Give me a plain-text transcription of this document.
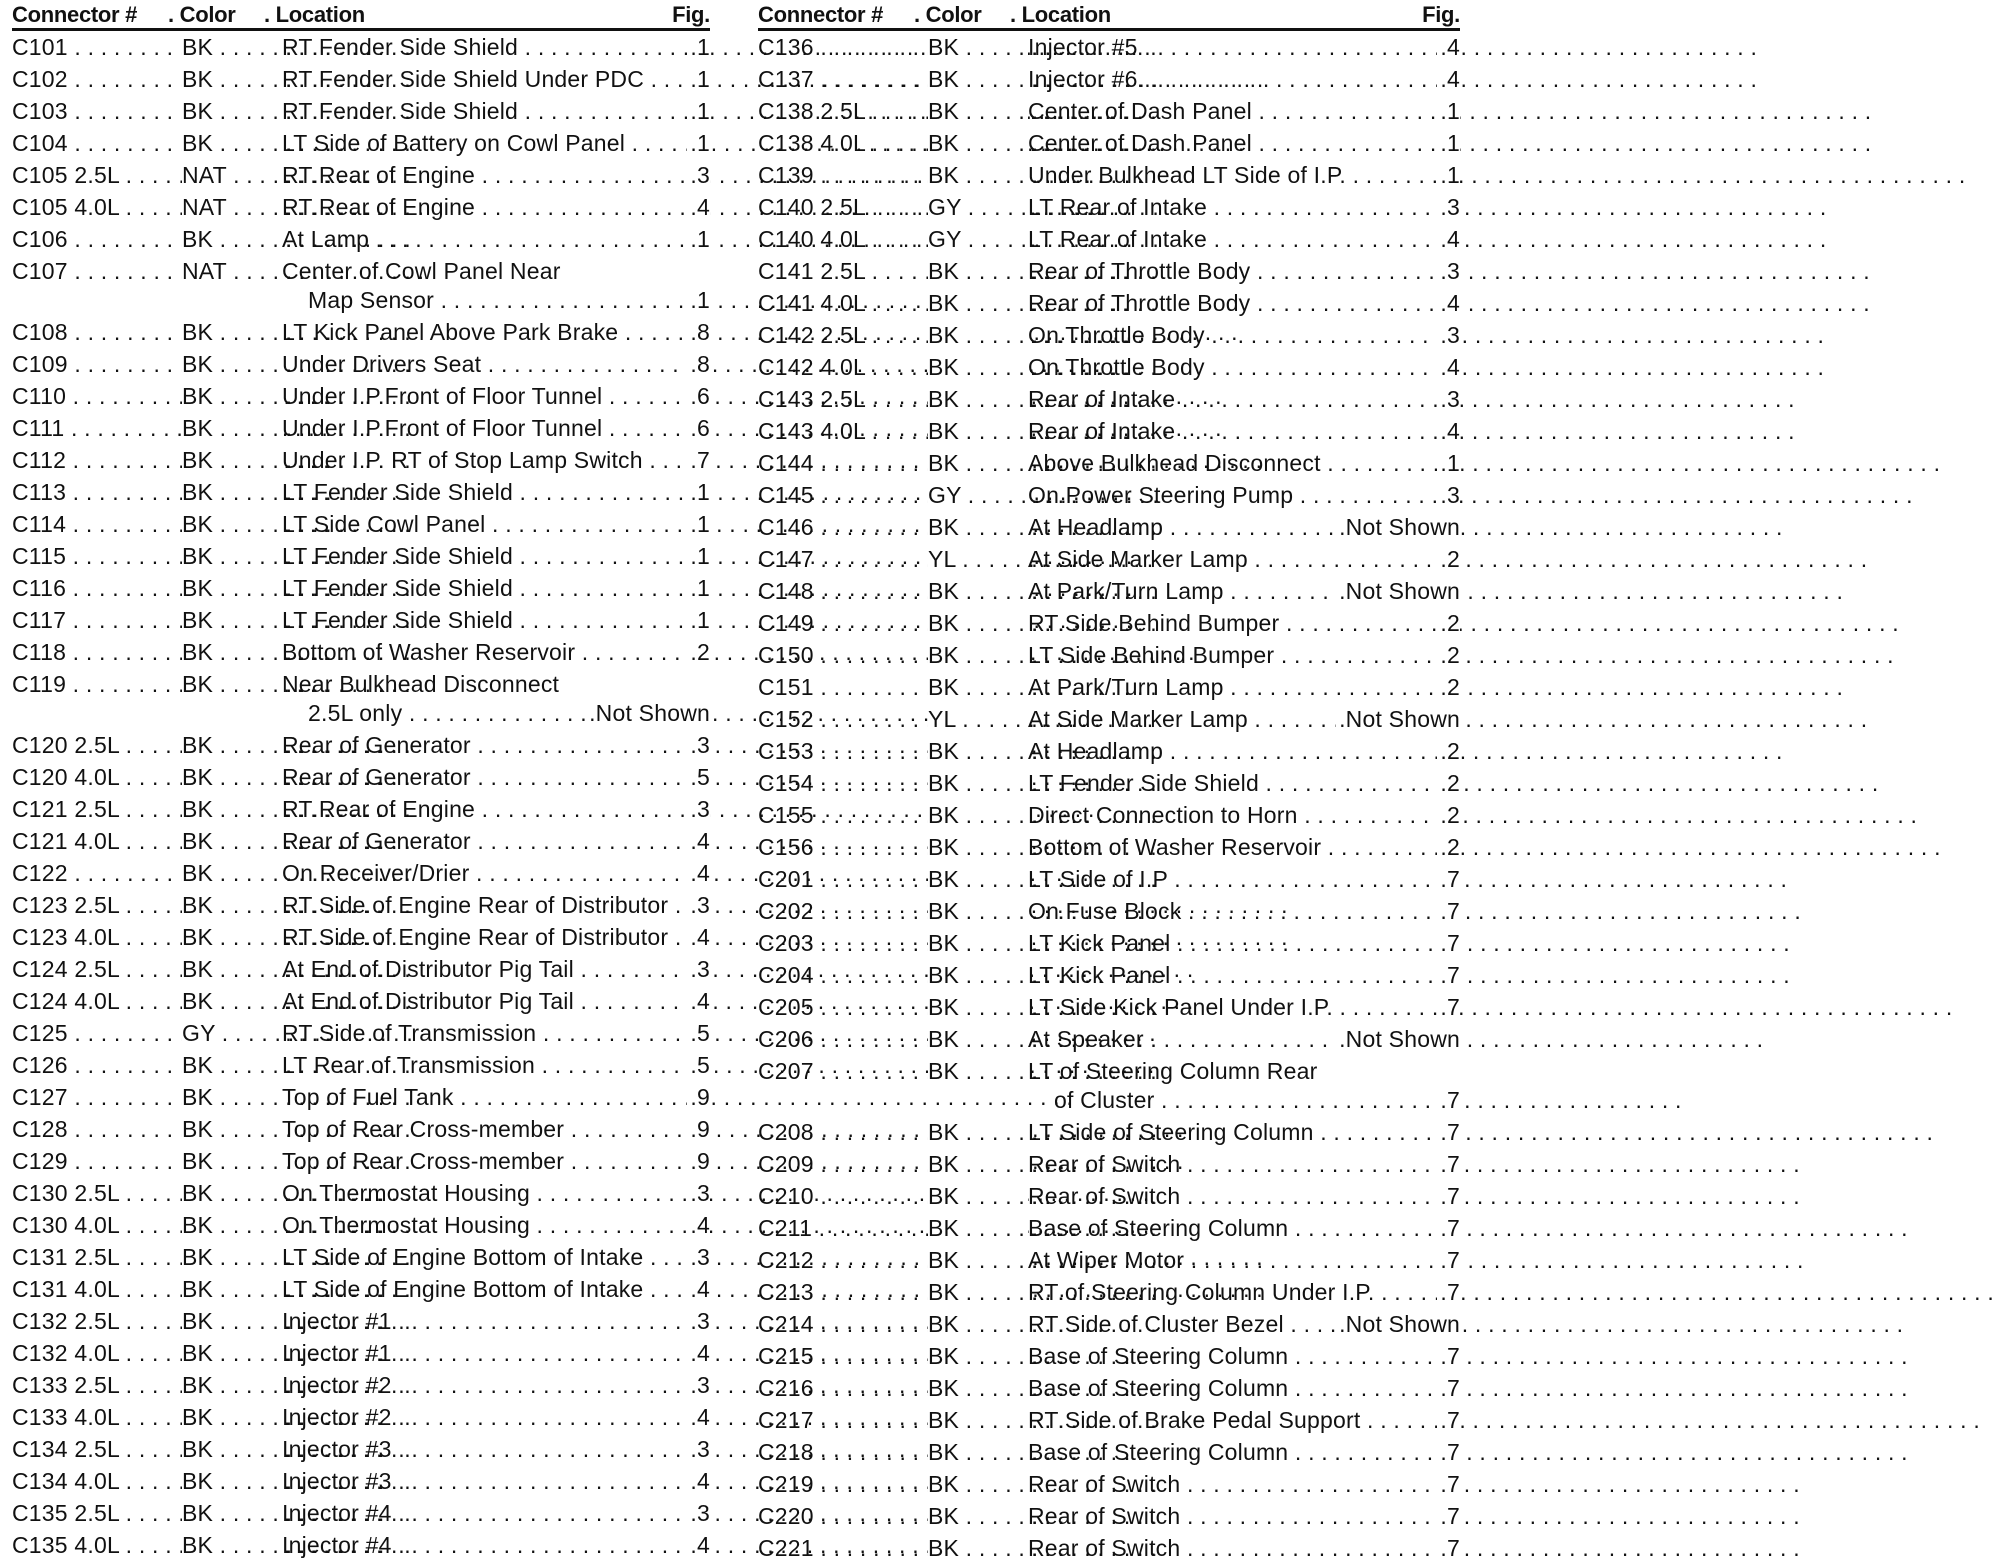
Connector # . Color . Location	Fig.
C101 . . .	BK . . .	RT Fender Side Shield . . .	.1
C102 . . .	BK . . .	RT Fender Side Shield Under PDC . . .	.1
C103 . . .	BK . . .	RT Fender Side Shield . . .	.1
C104 . . .	BK . . .	LT Side of Battery on Cowl Panel . . .	.1
C105 2.5L . . .	NAT . . .	RT Rear of Engine . . .	.3
C105 4.0L . . .	NAT . . .	RT Rear of Engine . . .	.4
C106 . . .	BK . . .	At Lamp . . .	.1
C107 . . .	NAT . . .	Center of Cowl Panel Near
Map Sensor . . .	.1
C108 . . .	BK . . .	LT Kick Panel Above Park Brake . . .	.8
C109 . . .	BK . . .	Under Drivers Seat . . .	.8
C110 . . .	BK . . .	Under I.P.Front of Floor Tunnel . . .	.6
C111 . . .	BK . . .	Under I.P.Front of Floor Tunnel . . .	.6
C112 . . .	BK . . .	Under I.P. RT of Stop Lamp Switch . . .	.7
C113 . . .	BK . . .	LT Fender Side Shield . . .	.1
C114 . . .	BK . . .	LT Side Cowl Panel . . .	.1
C115 . . .	BK . . .	LT Fender Side Shield . . .	.1
C116 . . .	BK . . .	LT Fender Side Shield . . .	.1
C117 . . .	BK . . .	LT Fender Side Shield . . .	.1
C118 . . .	BK . . .	Bottom of Washer Reservoir . . .	.2
C119 . . .	BK . . .	Near Bulkhead Disconnect
2.5L only . . .	.Not Shown
C120 2.5L . . .	BK . . .	Rear of Generator . . .	.3
C120 4.0L . . .	BK . . .	Rear of Generator . . .	.5
C121 2.5L . . .	BK . . .	RT Rear of Engine . . .	.3
C121 4.0L . . .	BK . . .	Rear of Generator . . .	.4
C122 . . .	BK . . .	On Receiver/Drier . . .	.4
C123 2.5L . . .	BK . . .	RT Side of Engine Rear of Distributor . . . .3
C123 4.0L . . .	BK . . .	RT Side of Engine Rear of Distributor . . . .4
C124 2.5L . . .	BK . . .	At End of Distributor Pig Tail . . .	.3
C124 4.0L . . .	BK . . .	At End of Distributor Pig Tail . . .	.4
C125 . . .	GY . . .	RT Side of Transmission . . .	.5
C126 . . .	BK . . .	LT Rear of Transmission . . .	.5
C127 . . .	BK . . .	Top of Fuel Tank . . .	.9
C128 . . .	BK . . .	Top of Rear Cross-member . . .	.9
C129 . . .	BK . . .	Top of Rear Cross-member . . .	.9
C130 2.5L . . .	BK . . .	On Thermostat Housing . . .	.3
C130 4.0L . . .	BK . . .	On Thermostat Housing . . .	.4
C131 2.5L . . .	BK . . .	LT Side of Engine Bottom of Intake . . .	.3
C131 4.0L . . .	BK . . .	LT Side of Engine Bottom of Intake . . .	.4
C132 2.5L . . .	BK . . .	Injector #1 . . .	.3
C132 4.0L . . .	BK . . .	Injector #1 . . .	.4
C133 2.5L . . .	BK . . .	Injector #2 . . .	.3
C133 4.0L . . .	BK . . .	Injector #2 . . .	.4
C134 2.5L . . .	BK . . .	Injector #3 . . .	.3
C134 4.0L . . .	BK . . .	Injector #3 . . .	.4
C135 2.5L . . .	BK . . .	Injector #4 . . .	.3
C135 4.0L . . .	BK . . .	Injector #4 . . .	.4
Connector # . Color . Location	Fig.
C136 . . .	BK . . .	Injector #5 . . .	.4
C137 . . .	BK . . .	Injector #6 . . .	.4
C138 2.5L . . .	BK . . .	Center of Dash Panel . . .	.1
C138 4.0L . . .	BK . . .	Center of Dash Panel . . .	.1
C139 . . .	BK . . .	Under Bulkhead LT Side of I.P. . . .	.1
C140 2.5L . . .	GY . . .	LT Rear of Intake . . .	.3
C140 4.0L . . .	GY . . .	LT Rear of Intake . . .	.4
C141 2.5L . . .	BK . . .	Rear of Throttle Body . . .	.3
C141 4.0L . . .	BK . . .	Rear of Throttle Body . . .	.4
C142 2.5L . . .	BK . . .	On Throttle Body . . .	.3
C142 4.0L . . .	BK . . .	On Throttle Body . . .	.4
C143 2.5L . . .	BK . . .	Rear of Intake . . .	.3
C143 4.0L . . .	BK . . .	Rear of Intake . . .	.4
C144 . . .	BK . . .	Above Bulkhead Disconnect . . .	.1
C145 . . .	GY . . .	On Power Steering Pump . . .	.3
C146 . . .	BK . . .	At Headlamp . . .	.Not Shown
C147 . . .	YL . . .	At Side Marker Lamp . . .	.2
C148 . . .	BK . . .	At Park/Turn Lamp . . .	.Not Shown
C149 . . .	BK . . .	RT Side Behind Bumper . . .	.2
C150 . . .	BK . . .	LT Side Behind Bumper . . .	.2
C151 . . .	BK . . .	At Park/Turn Lamp . . .	.2
C152 . . .	YL . . .	At Side Marker Lamp . . .	.Not Shown
C153 . . .	BK . . .	At Headlamp . . .	.2
C154 . . .	BK . . .	LT Fender Side Shield . . .	.2
C155 . . .	BK . . .	Direct Connection to Horn . . .	.2
C156 . . .	BK . . .	Bottom of Washer Reservoir . . .	.2
C201 . . .	BK . . .	LT Side of I.P . . .	.7
C202 . . .	BK . . .	On Fuse Block . . .	.7
C203 . . .	BK . . .	LT Kick Panel . . .	.7
C204 . . .	BK . . .	LT Kick Panel . . .	.7
C205 . . .	BK . . .	LT Side Kick Panel Under I.P. . . .	.7
C206 . . .	BK . . .	At Speaker . . .	.Not Shown
C207 . . .	BK . . .	LT of Steering Column Rear
of Cluster . . .	.7
C208 . . .	BK . . .	LT Side of Steering Column . . .	.7
C209 . . .	BK . . .	Rear of Switch . . .	.7
C210 . . .	BK . . .	Rear of Switch . . .	.7
C211 . . .	BK . . .	Base of Steering Column . . .	.7
C212 . . .	BK . . .	At Wiper Motor . . .	.7
C213 . . .	BK . . .	RT of Steering Column Under I.P. . . .	.7
C214 . . .	BK . . .	RT Side of Cluster Bezel . . .	.Not Shown
C215 . . .	BK . . .	Base of Steering Column . . .	.7
C216 . . .	BK . . .	Base of Steering Column . . .	.7
C217 . . .	BK . . .	RT Side of Brake Pedal Support . . .	.7
C218 . . .	BK . . .	Base of Steering Column . . .	.7
C219 . . .	BK . . .	Rear of Switch . . .	.7
C220 . . .	BK . . .	Rear of Switch . . .	.7
C221 . . .	BK . . .	Rear of Switch . . .	.7
